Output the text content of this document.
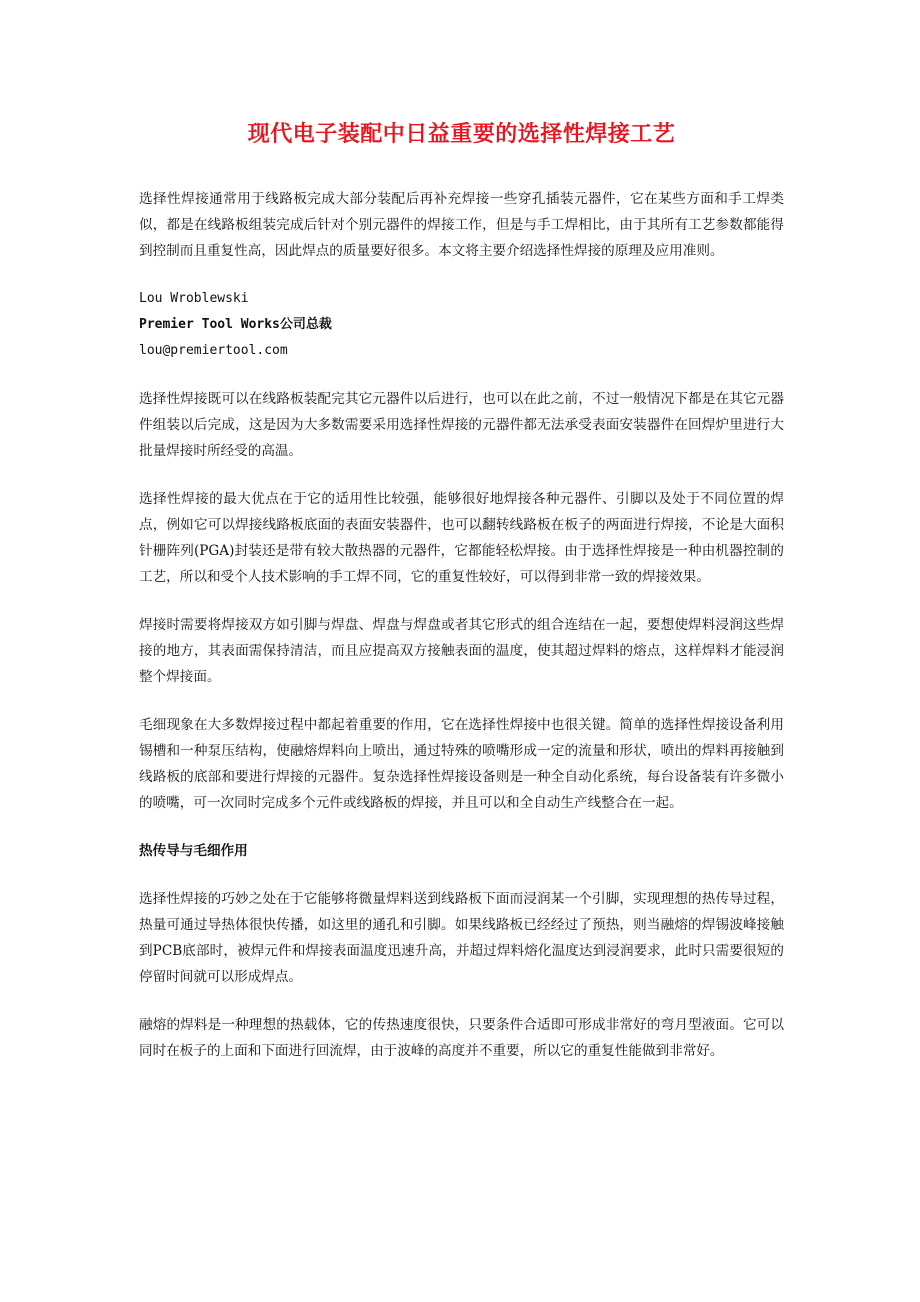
现代电子装配中日益重要的选择性焊接工艺

选择性焊接通常用于线路板完成大部分装配后再补充焊接一些穿孔插装元器件，它在某些方面和手工焊类似，都是在线路板组装完成后针对个别元器件的焊接工作，但是与手工焊相比，由于其所有工艺参数都能得到控制而且重复性高，因此焊点的质量要好很多。本文将主要介绍选择性焊接的原理及应用准则。

Lou Wroblewski
Premier Tool Works公司总裁
lou@premiertool.com

选择性焊接既可以在线路板装配完其它元器件以后进行，也可以在此之前，不过一般情况下都是在其它元器件组装以后完成，这是因为大多数需要采用选择性焊接的元器件都无法承受表面安装器件在回焊炉里进行大批量焊接时所经受的高温。

选择性焊接的最大优点在于它的适用性比较强，能够很好地焊接各种元器件、引脚以及处于不同位置的焊点，例如它可以焊接线路板底面的表面安装器件，也可以翻转线路板在板子的两面进行焊接，不论是大面积针栅阵列(PGA)封装还是带有较大散热器的元器件，它都能轻松焊接。由于选择性焊接是一种由机器控制的工艺，所以和受个人技术影响的手工焊不同，它的重复性较好，可以得到非常一致的焊接效果。

焊接时需要将焊接双方如引脚与焊盘、焊盘与焊盘或者其它形式的组合连结在一起，要想使焊料浸润这些焊接的地方，其表面需保持清洁，而且应提高双方接触表面的温度，使其超过焊料的熔点，这样焊料才能浸润整个焊接面。

毛细现象在大多数焊接过程中都起着重要的作用，它在选择性焊接中也很关键。简单的选择性焊接设备利用锡槽和一种泵压结构，使融熔焊料向上喷出，通过特殊的喷嘴形成一定的流量和形状，喷出的焊料再接触到线路板的底部和要进行焊接的元器件。复杂选择性焊接设备则是一种全自动化系统，每台设备装有许多微小的喷嘴，可一次同时完成多个元件或线路板的焊接，并且可以和全自动生产线整合在一起。

热传导与毛细作用

选择性焊接的巧妙之处在于它能够将微量焊料送到线路板下面而浸润某一个引脚，实现理想的热传导过程，热量可通过导热体很快传播，如这里的通孔和引脚。如果线路板已经经过了预热，则当融熔的焊锡波峰接触到PCB底部时，被焊元件和焊接表面温度迅速升高，并超过焊料熔化温度达到浸润要求，此时只需要很短的停留时间就可以形成焊点。

融熔的焊料是一种理想的热载体，它的传热速度很快，只要条件合适即可形成非常好的弯月型液面。它可以同时在板子的上面和下面进行回流焊，由于波峰的高度并不重要，所以它的重复性能做到非常好。
